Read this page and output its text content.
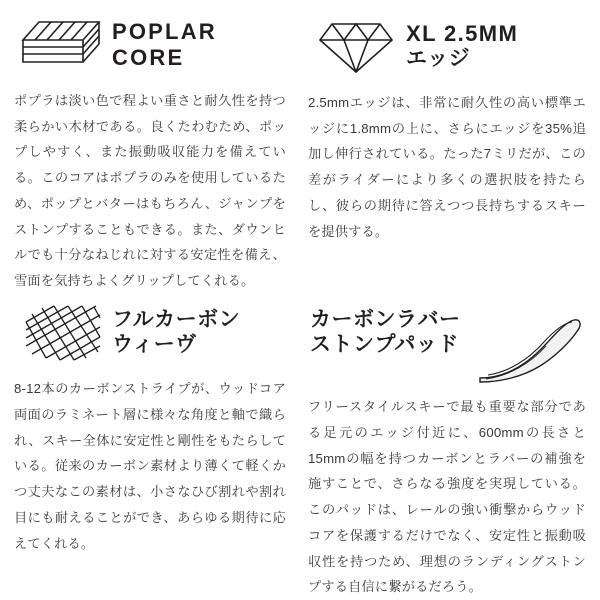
POPLAR CORE
ポプラは淡い色で程よい重さと耐久性を持つ柔らかい木材である。良くたわむため、ポップしやすく、また振動吸収能力を備えている。このコアはポプラのみを使用しているため、ポップとバターはもちろん、ジャンプをストンプすることもできる。また、ダウンヒルでも十分なねじれに対する安定性を備え、雪面を気持ちよくグリップしてくれる。
XL 2.5MM
エッジ
2.5mmエッジは、非常に耐久性の高い標準エッジに1.8mmの上に、さらにエッジを35%追加し伸行されている。たった7ミリだが、この差がライダーにより多くの選択肢を持たらし、彼らの期待に答えつつ長持ちするスキーを提供する。
フルカーボン
ウィーヴ
8-12本のカーボンストライプが、ウッドコア両面のラミネート層に様々な角度と軸で織られ、スキー全体に安定性と剛性をもたらしている。従来のカーボン素材より薄くて軽くかつ丈夫なこの素材は、小さなひび割れや割れ目にも耐えることができ、あらゆる期待に応えてくれる。
カーボンラバー
ストンプパッド
フリースタイルスキーで最も重要な部分である足元のエッジ付近に、600mmの長さと15mmの幅を持つカーボンとラバーの補強を施すことで、さらなる強度を実現している。このパッドは、レールの強い衝撃からウッドコアを保護するだけでなく、安定性と振動吸収性を持つため、理想のランディングストンプする自信に繋がるだろう。
